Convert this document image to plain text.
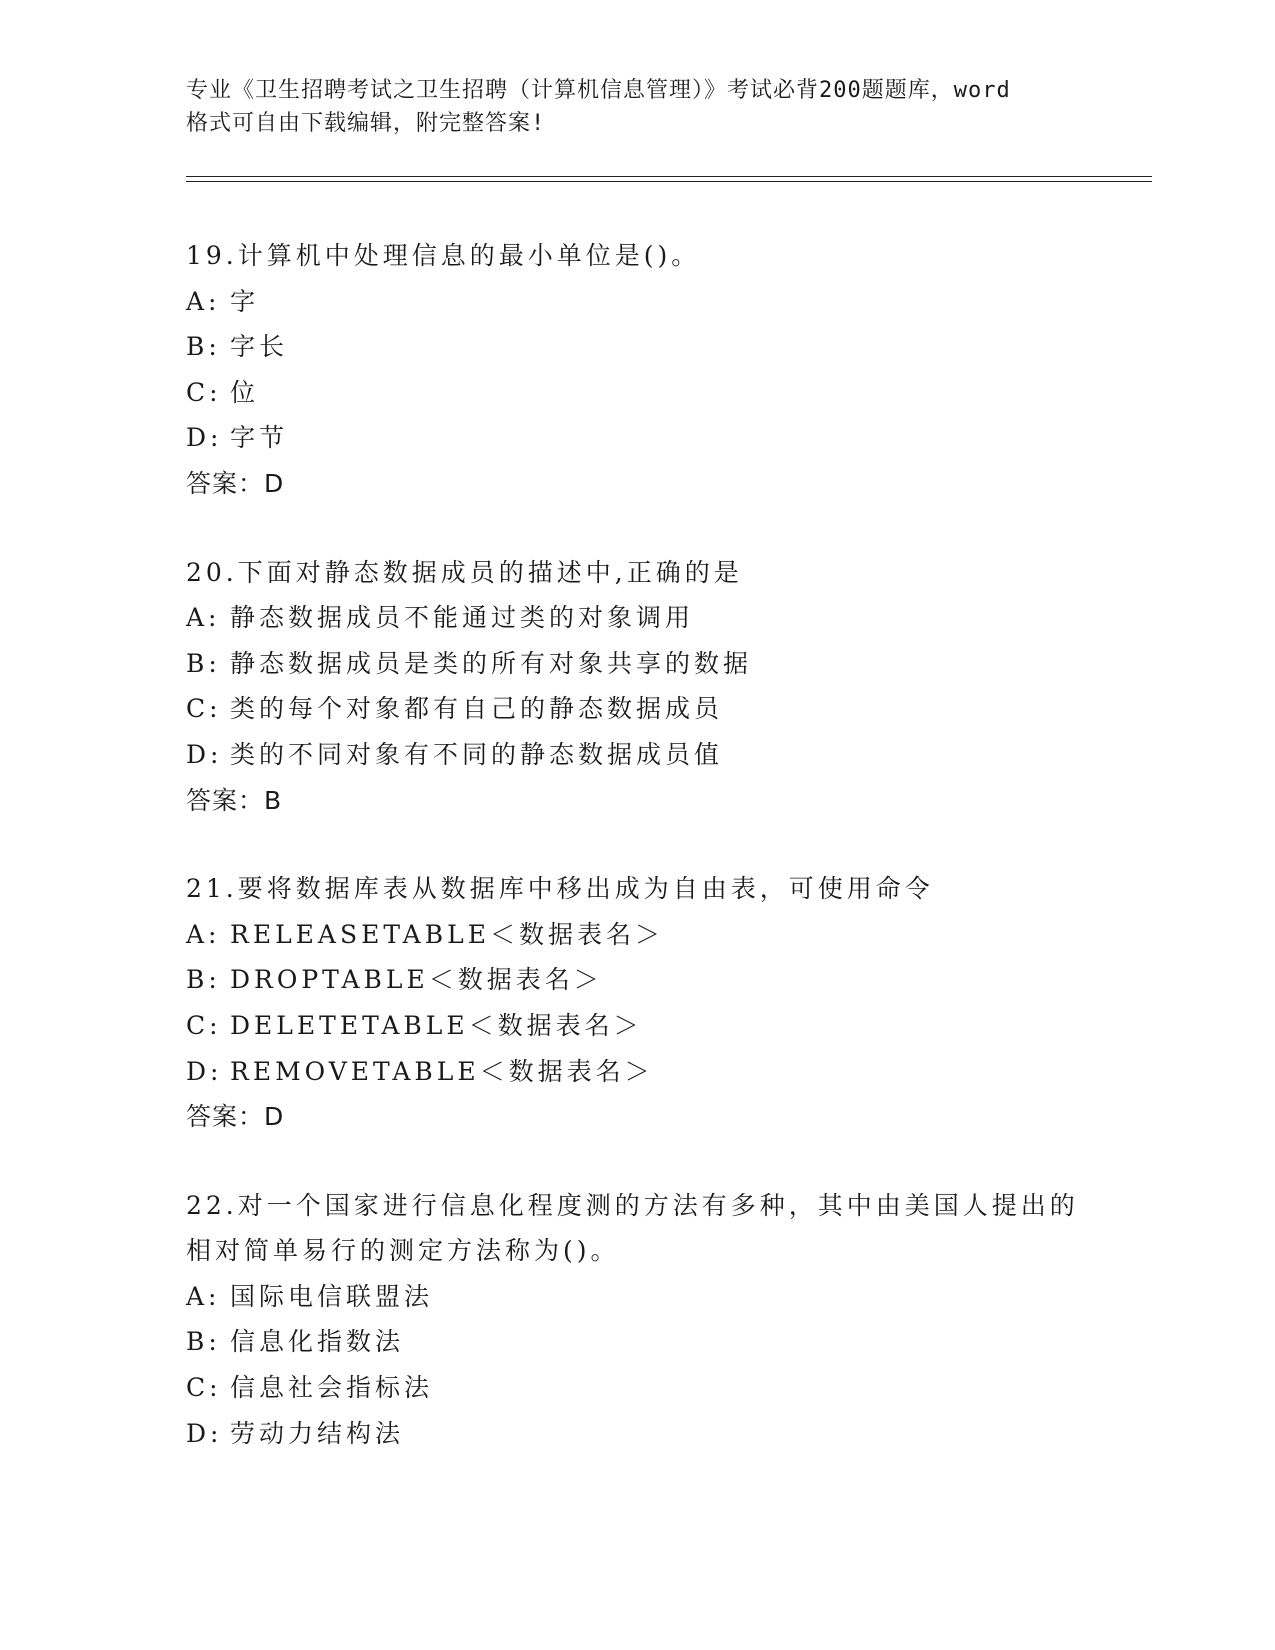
专业《卫生招聘考试之卫生招聘（计算机信息管理）》考试必背200题题库，word
格式可自由下载编辑，附完整答案!
19.计算机中处理信息的最小单位是()。
A: 字
B: 字长
C: 位
D: 字节
答案：D
20.下面对静态数据成员的描述中,正确的是
A: 静态数据成员不能通过类的对象调用
B: 静态数据成员是类的所有对象共享的数据
C: 类的每个对象都有自己的静态数据成员
D: 类的不同对象有不同的静态数据成员值
答案：B
21.要将数据库表从数据库中移出成为自由表，可使用命令
A: RELEASETABLE＜数据表名＞
B: DROPTABLE＜数据表名＞
C: DELETETABLE＜数据表名＞
D: REMOVETABLE＜数据表名＞
答案：D
22.对一个国家进行信息化程度测的方法有多种，其中由美国人提出的
相对简单易行的测定方法称为()。
A: 国际电信联盟法
B: 信息化指数法
C: 信息社会指标法
D: 劳动力结构法
